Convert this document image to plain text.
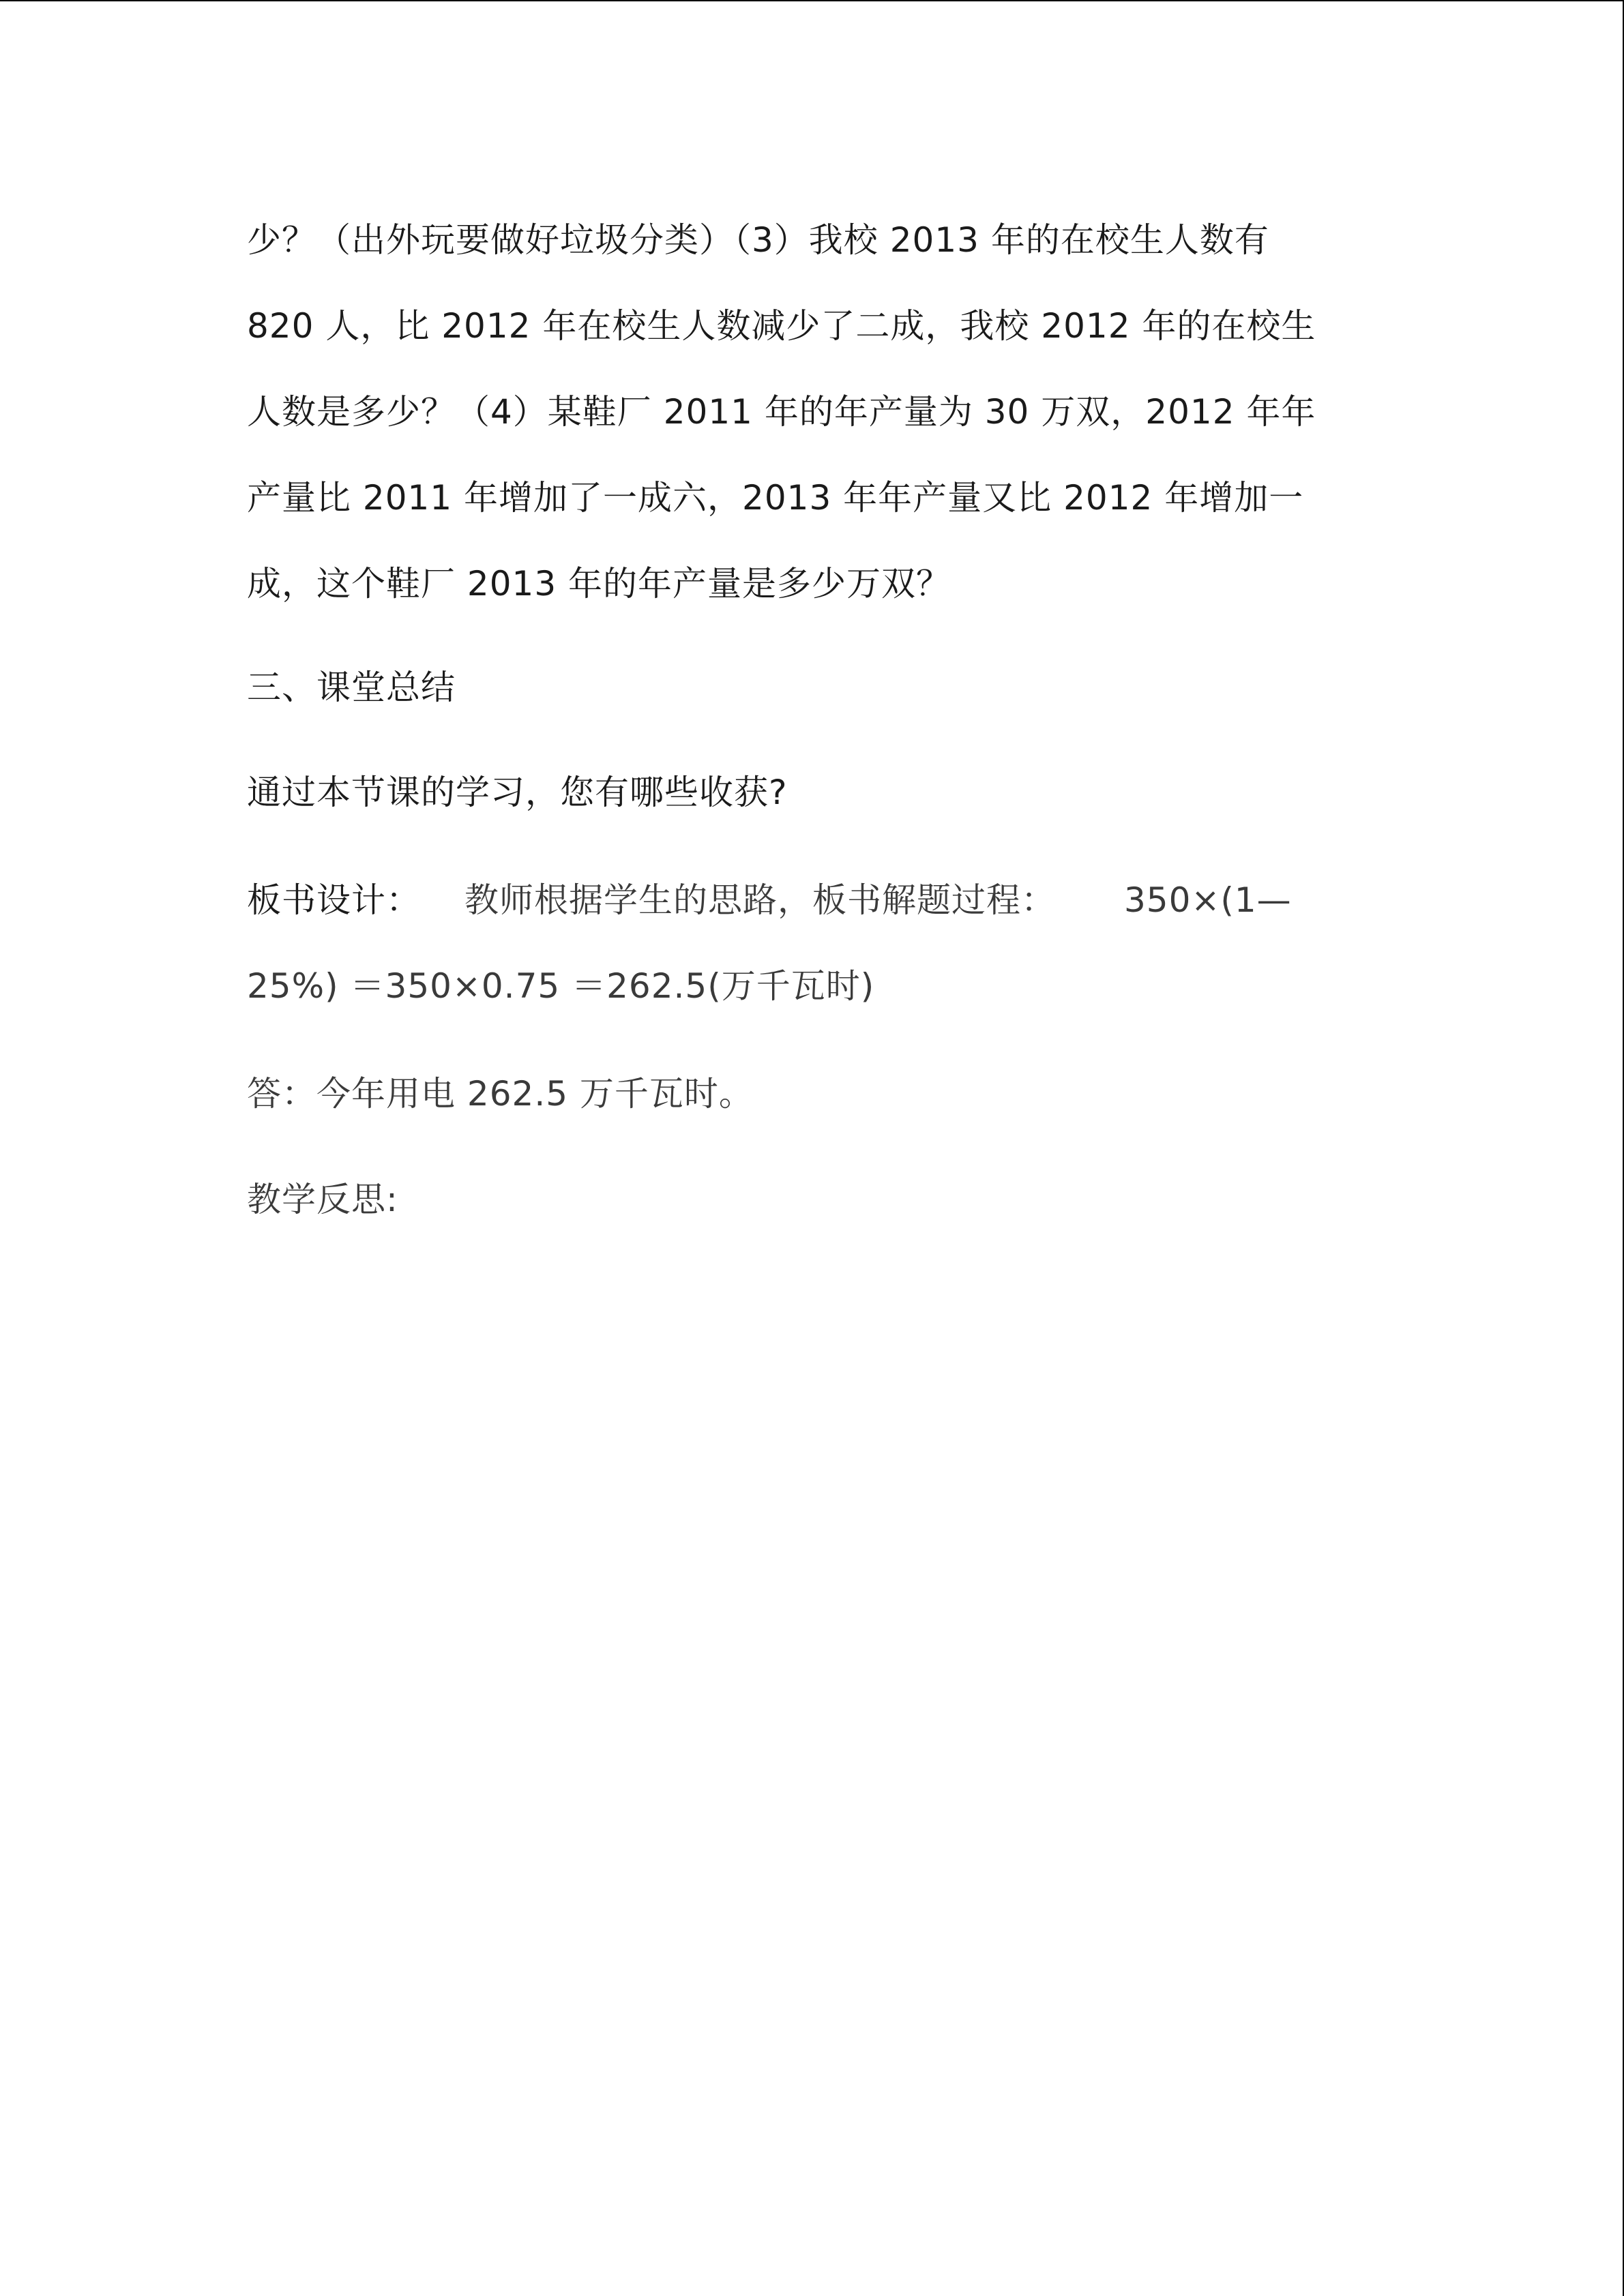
少？（出外玩要做好垃圾分类）（3）我校 2013 年的在校生人数有
820 人，比 2012 年在校生人数减少了二成，我校 2012 年的在校生
人数是多少？（4）某鞋厂 2011 年的年产量为 30 万双，2012 年年
产量比 2011 年增加了一成六，2013 年年产量又比 2012 年增加一
成，这个鞋厂 2013 年的年产量是多少万双？
三、课堂总结
通过本节课的学习，您有哪些收获?
板书设计： 教师根据学生的思路，板书解题过程： 350×(1—
25%) ＝350×0.75 ＝262.5(万千瓦时)
答：今年用电 262.5 万千瓦时。
教学反思:
